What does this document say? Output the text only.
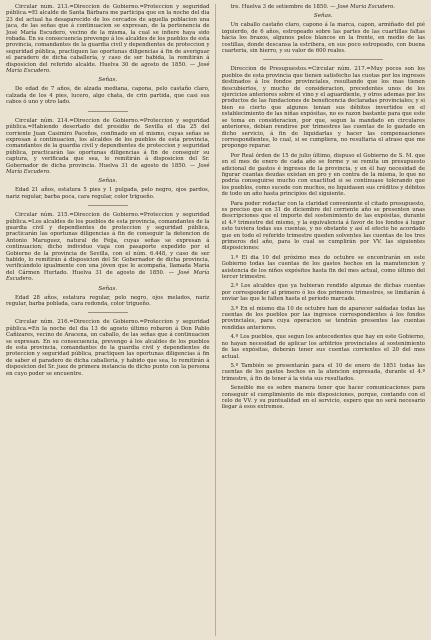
Circular núm. 213.=Direccion de Gobierno.=Proteccion y seguridad pública.=El alcalde de Santa Bárbara me participa que en la noche del dia 23 del actual ha desaparecido de los cercados de aquella poblacion una jaca, de las señas que á continuacion se expresan, de la pertenencia de José María Escudero, vecino de la misma, la cual se infiere haya sido robada. En su consecuencia prevengo á los alcaldes de los pueblos de esta provincia, comandantes de la guardia civil y dependientes de proteccion y seguridad pública, practiquen las oportunas diligencias á fin de averiguar el paradero de dicha caballería, y caso de ser habida, la remitirán á disposicion del referido alcalde. Huelva 30 de agosto de 1850. — José María Escudero.

Señas.

De edad de 7 años, de alzada mediana, capona, pelo castaño claro, calzada de los 4 pies, lucero, algo chata, de crin partida, que casi sus cabos ó uno y otro lado.

Circular núm. 214.=Direccion de Gobierno.=Proteccion y seguridad pública.=Habiendo desertado del presidio de Sevilla el dia 25 del corriente Juan Casimiro Paceños, confinado en el mismo, cuyas señas se expresan á continuacion, los alcaldes de los pueblos de esta provincia, comandantes de la guardia civil y dependientes de proteccion y seguridad pública, practicarán las oportunas diligencias á fin de conseguir su captura, y verificada que sea, lo remitirán á disposicion del Sr. Gobernador de dicha provincia. Huelva 31 de agosto de 1850. — José María Escudero.

Señas.

Edad 21 años, estatura 5 pies y 1 pulgada, pelo negro, ojos pardos, nariz regular, barba poca, cara regular, color trigueño.

Circular núm. 215.=Direccion de Gobierno.=Proteccion y seguridad pública.=Los alcaldes de los pueblos de esta provincia, comandantes de la guardia civil y dependientes de proteccion y seguridad pública, practicarán las oportunas diligencias á fin de conseguir la detencion de Antonio Maruguez, natural de Feija, cuyas señas se expresan á continuacion; dicho individuo viaja con pasaporte expedido por el Gobierno de la provincia de Sevilla, con el núm. 6.448, y caso de ser habido, lo remitirán á disposicion del Sr. Gobernador de dicha provincia, verificándolo igualmente con una jóven que le acompaña, llamada María del Cármen Hurtado. Huelva 31 de agosto de 1850. — José María Escudero.

Señas.

Edad 28 años, estatura regular, pelo negro, ojos melados, nariz regular, barba poblada, cara redonda, color trigueño.

Circular núm. 216.=Direccion de Gobierno.=Proteccion y seguridad pública.=En la noche del dia 13 de agosto último robaron á Don Pablo Cañizares, vecino de Aracena, un caballo, de las señas que á continuacion se expresan. En su consecuencia, prevengo á los alcaldes de los pueblos de esta provincia, comandantes de la guardia civil y dependientes de proteccion y seguridad pública, practiquen las oportunas diligencias á fin de saber el paradero de dicha caballería, y habido que sea, lo remitirán á disposicion del Sr. juez de primera instancia de dicho punto con la persona en cuyo poder se encuentre.

tre. Huelva 3 de setiembre de 1850. — José María Escudero.

Señas.

Un caballo castaño claro, capono á la marca, capon, armiñado del pié izquierdo, de 6 años, estropeado sobre las partes de las cuartillas faltas hácia los brazos, algunos pelos blancos en la frente, en medio de las costillas, donde descansa la estribera, en sus poco estropeado, con buena cuarteria, sin hierro, y su valor de 600 reales.

Direccion de Presupuestos.=Circular núm. 217.=Muy pocos son los pueblos de esta provincia que tienen satisfecho las cuotas por los ingresos destinados á los fondos provinciales, resultando que los mas tienen descubiertos, y mucho de consideracion, precedentes unos de los ejercicios anteriores sobre el vino y el aguardiente, y otros ademas por los productos de las fundaciones de beneficencia declaradas provinciales; y si bien es cierto que algunos tenian sus débitos invertidos en el establecimiento de las niñas expósitas, no es razon bastante para que este se toma en consideracion, por que, segun la mandado en circulares anteriores, debian rendirse por trimestres las cuentas de lo gastado en dicho servicio, á fin de liquidarlas y hacer las compensaciones correspondientes, lo cual, si se cumpliera, no resultaria el atraso que me propongo reparar.

Por Real órden de 15 de julio último, dispuso el Gobierno de S. M. que en el mes de enero de cada año se forme y se remita un presupuesto adicional de gastos é ingresos de la provincia, y en él hay necesidad de figurar cuantas deudas existan en pro y en contra de la misma, lo que no podría conseguirse mucho con exactitud si se continuase tolerando que los pueblos, como sucede con muchos, no liquidasen sus créditos y débitos de todo un año hasta principios del siguiente.

Para poder redactar con la claridad conveniente el citado presupuesto, es preciso que en 31 de diciembre del corriente año se presenten unas descripciones que el importe del sostenimiento de las expósitas, durante el 4.º trimestre del mismo, y la equivalencia á favor de los fondos á lugar esto tuviera todas sus cuentas, y no obstante y así el efecto he acordado que en todo el referido trimestre queden solventes las cuentas de los tres primeros del año, para lo cual se cumplirán por VV. las siguientes disposiciones:

1.º El dia 10 del próximo mes de octubre se encontrarán en este Gobierno todas las cuentas de los gastos hechos en la manutencion y asistencia de los niños expósitos hasta fin del mes actual, como último del tercer trimestre.

2.º Los alcaldes que ya hubieran rendido algunas de dichas cuentas por corresponder al primero ó los dos primeros trimestres, se limitarán á enviar las que le falten hasta el período marcado.

3.º En el mismo dia 10 de octubre han de aparecer saldadas todas las cuentas de los pueblos por las ingresos correspondientes á los fondos provinciales, para cuya operacion se tendrán presentes las cuentas rendidas anteriores.

4.º Los pueblos, que segun los antecedentes que hay en este Gobierno, no hayan necesidad de aplicar los arbitrios provinciales al sostenimiento de las expósitas, deberán tener sus cuentas corrientes el 20 del mes actual.

5.º También se presentarán para el 10 de enero de 1851 todas las cuentas de los gastos hechos en la atencion expresada, durante el 4.º trimestre, á fin de tener á la vista sus resultados.

Sensible me es sobre manera tener que hacer comunicaciones para conseguir el cumplimiento de mis disposiciones, porque, contando con el celo de VV. y su puntualidad en el servicio, espero que no será necesario llegar á esos extremos.
